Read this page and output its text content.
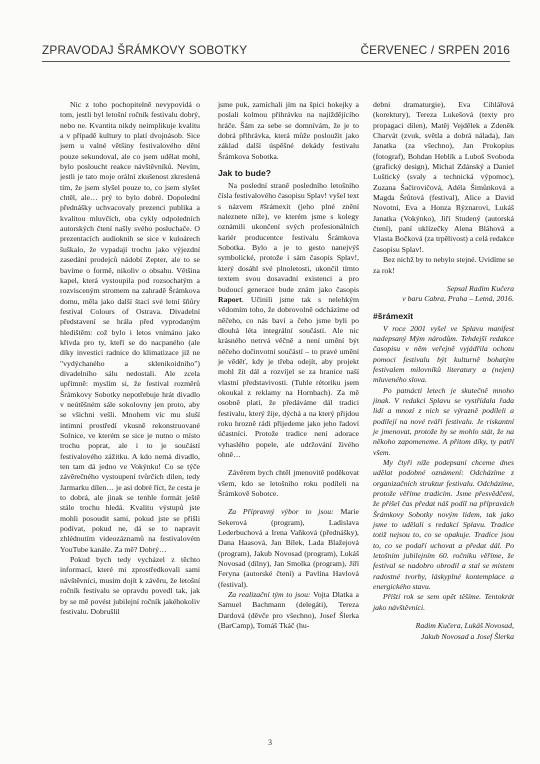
ZPRAVODAJ ŠRÁMKOVY SOBOTKY	ČERVENEC / SRPEN 2016

Nic z toho pochopitelně nevypovídá o tom, jestli byl letošní ročník festivalu dobrý, nebo ne. Kvantita nikdy neimplikuje kvalitu a v případě kultury to platí dvojnásob. Sice jsem u valné většiny festivalového dění pouze sekundoval, ale co jsem udělat mohl, bylo posloucht reakce návštěvníků. Nevím, jestli je tato moje orální zkušenost zkreslená tím, že jsem slyšel pouze to, co jsem slyšet chtěl, ale… prý to bylo dobré. Dopolední přednášky uchvacovaly prezenci publika a kvalitou mluvčích, oba cykly odpoledních autorských čtení našly svého posluchače. O prezentacích audioknih se sice v kuloárech šuškalo, že vypadají trochu jako výjezdní zasedání prodejců nádobí Zepter, ale to se bavíme o formě, nikoliv o obsahu. Většina kapel, která vystoupila pod rozsochatým a rozvisceným stromem na zahradě Šrámkova domu, měla jako další štací své letní šňůry festival Colours of Ostrava. Divadelní představení se hrála před vyprodaným hledištěm: což bylo i letos vnímáno jako křivda pro ty, kteří se do nacpaného (ale díky investici radnice do klimatizace již ne "vydýchaného a sklenikoidního") divadelního sálu nedostali. Ale zcela upřímně: myslím si, že festival rozměrů Šrámkovy Sobotky nepotřebuje hrát divadlo v neútěšném sále sokolovny jen proto, aby se všichni vešli. Mnohem víc mu sluší intimní prostředí vkusně rekonstruované Solnice, ve kterém se sice je nutno o místo trochu poprat, ale i to je součástí festivalového zážitku. A kdo nemá divadlo, ten tam dá jedno ve Vokýnku! Co se týče závěrečného vystoupení tvůrčích dílen, tedy Jarmarku dílen… je asi dobré říct, že cesta je to dobrá, ale jinak se tenhle formát ještě stále trochu hledá. Kvalitu výstupů jste mohli posoudit sami, pokud jste se přišli podívat, pokud ne, dá se to napravit zhlédnutím videozáznamů na festivalovém YouTube kanále. Za mě? Dobrý…

Pokud bych tedy vycházel z těchto informací, které mi zprostředkovali sami návštěvníci, musím dojít k závěru, že letošní ročník festivalu se opravdu povedl tak, jak by se mě povést jubilejní ročník jakéhokoliv festivalu. Dobrušlil

jsme puk, zamíchali jím na špici hokejky a poslali kolmou přihrávku na najíždějícího hráče. Šám za sebe se domnívám, že je to dobrá přihrávka, která může posloužit jako základ další úspěšné dekády festivalu Šrámkova Sobotka.

Jak to bude?

Na poslední straně posledního letošního čísla festivalového časopisu Splav! vyšel text s názvem #šrámexit (jeho plné znění naleznete níže), ve kterém jsme s kolegy oznámili ukončení svých profesionálních kariér producentce festivalu Šrámkova Sobotka. Bylo a je to gesto nanejvýš symbolické, protože i sám časopis Splav!, který dosáhl své plnoletosti, ukončil tímto textem svou dosavadní existenci a pro budoucí generace bude znám jako časopis Raport. Učinili jsme tak s nelehkým vědomím toho, že dobrovolně odcházíme od něčeho, co nás baví a čeho jsme byli po dlouhá léta integrální součástí. Ale nic krásného netrvá věčně a není umění být něčeho dočinvotní součástí – to pravé umění je věděť, kdy je třeba odejít, aby projekt mohl žít dál a rozvíjel se za hranice naší vlastní představivosti. (Tuhle rétoriku jsem okoukal z reklamy na Hornbach). Za mě osobně platí, že předáváme dál tradici festivalu, který žije, dýchá a na který přijdou roku hrozně rádi přijedeme jako jeho řadoví účastníci. Protože tradice není adorace vyhaslého popele, ale udržování živého ohně…

Závěrem bych chtěl jmenovitě poděkovat všem, kdo se letošního roku podíleli na Šrámkově Sobotce.

Za Přípravný výbor to jsou: Marie Sekerová (program), Ladislava Lederbuchová a Irena Vaňková (přednášky), Dana Haasová, Jan Bílek, Lada Blažejová (program), Jakub Novosad (program), Lukáš Novosad (dílny), Jan Smolka (program), Jiří Feryna (autorské čtení) a Pavlína Havlová (festival).

Za realizační tým to jsou: Vojta Dlatka a Samuel Bachmann (delegáti), Tereza Dardová (děvče pro všechno), Josef Šlerka (BarCamp), Tomáš Tkáč (hu-

debni dramaturgie), Eva Cihlářová (korektury), Tereza Lukešová (texty pro propagaci dílen), Matěj Vejdělek a Zdeněk Charvát (zvuk, světla a dobrá nálada), Jan Janatka (za všechno), Jan Prokopius (fotograf), Bohdan Heblík a Luboš Svoboda (grafický design), Michal Zdánský a Daniel Luštický (svaly a technická výpomoc), Zuzana Šačirovičová, Adéla Šimůnková a Magda Šrůtová (festival), Alice a David Novotní, Eva a Honza Rýznarovi, Lukáš Janatka (Vokýnko), Jiří Studený (autorská čtení), paní uklízečky Alena Bláhová a Vlasta Bočková (za trpělivost) a celá redakce časopisu Splav!.

Bez nichž by to nebylo stejné. Uvidíme se za rok!

Sepsal Radim Kučera

v baru Cabra, Praha – Letná, 2016.

#šrámexit

V roce 2001 vyšel ve Splavu manifest nadepsaný Mým národům. Tehdejší redakce časopisu v něm veřejně vyjádřila ochotu pomoci festivalu být kulturně bohatým festivalem milovníků literatury a (nejen) mluveného slova.

Po patnácti letech je skutečně mnoho jinak. V redakci Splavu se vystřídala řada lidí a mnozí z nich se výrazně podíleli a podílejí na nové tváři festivalu. Je riskantní je jmenovat, protože by se mohlo stát, že na někoho zapomeneme. A přitom díky, ty patří všem.

My čtyři níže podepsaní chceme dnes udělat podobné oznámení: Odcházíme z organizačních struktur festivalu. Odcházíme, protože věříme tradicím. Jsme přesvědčeni, že přišel čas předat náš podíl na přípravách Šrámkovy Sobotky novým lidem, tak jako jsme to udělali s redakcí Splavu. Tradice totiž nejsou to, co se opakuje. Tradice jsou to, co se podaří uchovat a předat dál. Po letošním jubilejním 60. ročníku věříme, že festival se nadobro obrodil a stal se místem radostné tvorby, láskyplné kontemplace a energického stavu.

Příští rok se sem opět těšíme. Tentokrát jako návštěvníci.

Radim Kučera, Lukáš Novosad,

Jakub Novosad a Josef Šlerka

3
